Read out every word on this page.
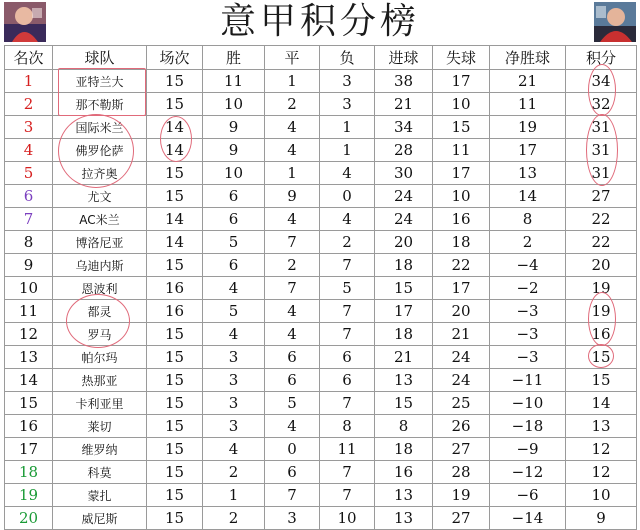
意甲积分榜
名次	球队	场次	胜	平	负	进球	失球	净胜球	积分
1	亚特兰大	15	11	1	3	38	17	21	34
2	那不勒斯	15	10	2	3	21	10	11	32
3	国际米兰	14	9	4	1	34	15	19	31
4	佛罗伦萨	14	9	4	1	28	11	17	31
5	拉齐奥	15	10	1	4	30	17	13	31
6	尤文	15	6	9	0	24	10	14	27
7	AC米兰	14	6	4	4	24	16	8	22
8	博洛尼亚	14	5	7	2	20	18	2	22
9	乌迪内斯	15	6	2	7	18	22	−4	20
10	恩波利	16	4	7	5	15	17	−2	19
11	都灵	16	5	4	7	17	20	−3	19
12	罗马	15	4	4	7	18	21	−3	16
13	帕尔玛	15	3	6	6	21	24	−3	15
14	热那亚	15	3	6	6	13	24	−11	15
15	卡利亚里	15	3	5	7	15	25	−10	14
16	莱切	15	3	4	8	8	26	−18	13
17	维罗纳	15	4	0	11	18	27	−9	12
18	科莫	15	2	6	7	16	28	−12	12
19	蒙扎	15	1	7	7	13	19	−6	10
20	威尼斯	15	2	3	10	13	27	−14	9
